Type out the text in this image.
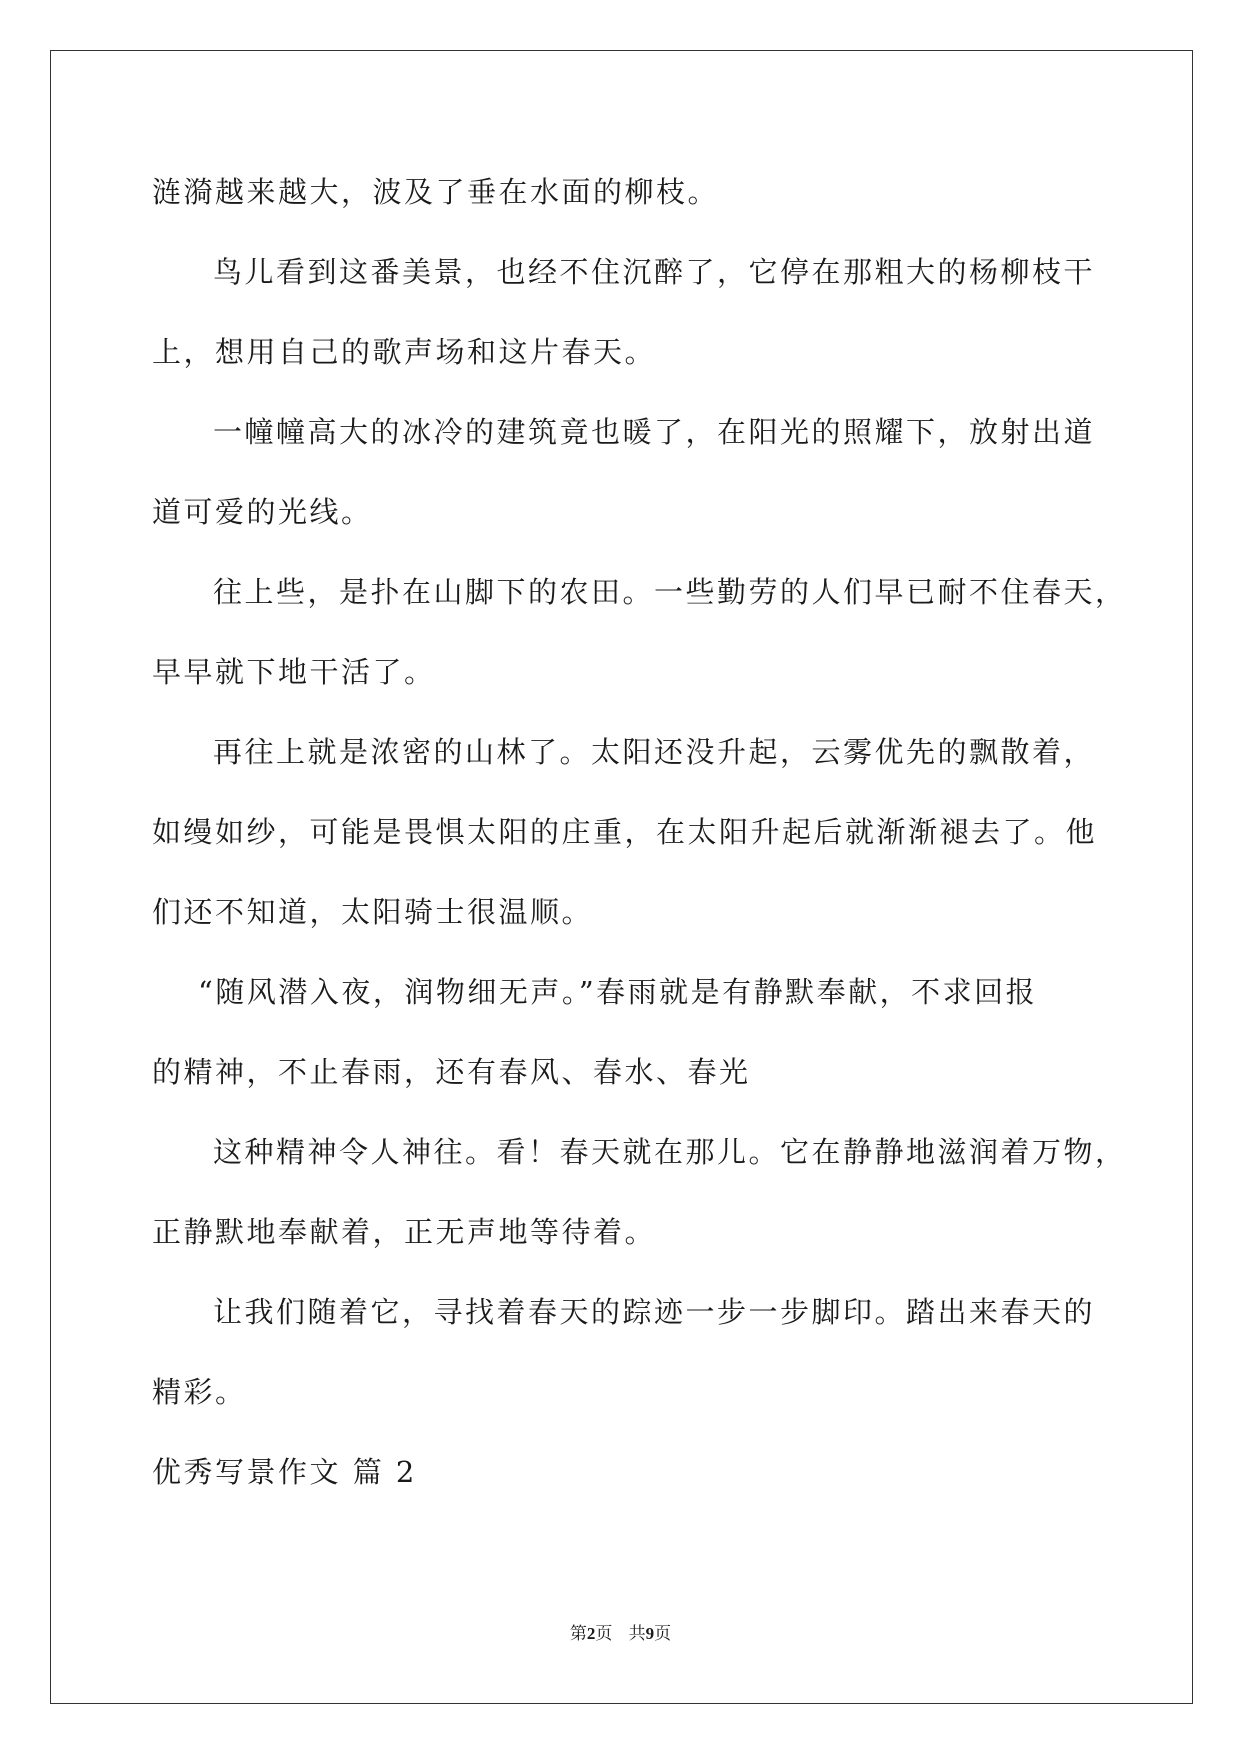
涟漪越来越大，波及了垂在水面的柳枝。
鸟儿看到这番美景，也经不住沉醉了，它停在那粗大的杨柳枝干
上，想用自己的歌声场和这片春天。
一幢幢高大的冰冷的建筑竟也暖了，在阳光的照耀下，放射出道
道可爱的光线。
往上些，是扑在山脚下的农田。一些勤劳的人们早已耐不住春天，
早早就下地干活了。
再往上就是浓密的山林了。太阳还没升起，云雾优先的飘散着，
如缦如纱，可能是畏惧太阳的庄重，在太阳升起后就渐渐褪去了。他
们还不知道，太阳骑士很温顺。
“随风潜入夜，润物细无声。”春雨就是有静默奉献，不求回报
的精神，不止春雨，还有春风、春水、春光
这种精神令人神往。看！春天就在那儿。它在静静地滋润着万物，
正静默地奉献着，正无声地等待着。
让我们随着它，寻找着春天的踪迹一步一步脚印。踏出来春天的
精彩。
优秀写景作文 篇 2
第2页 共9页
